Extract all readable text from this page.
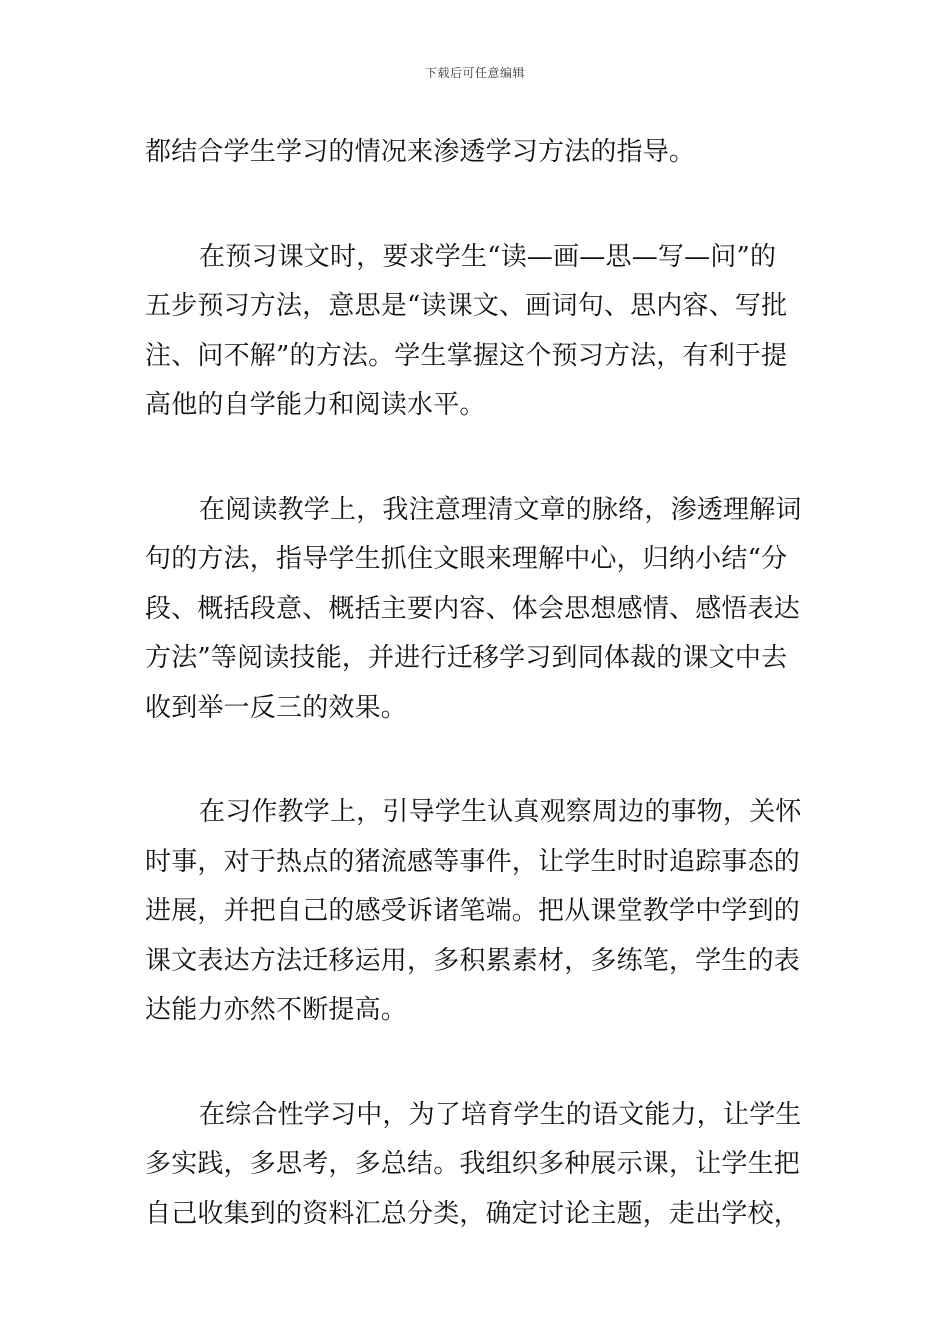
下载后可任意编辑
都结合学生学习的情况来渗透学习方法的指导。
在预习课文时，要求学生“读—画—思—写—问”的
五步预习方法，意思是“读课文、画词句、思内容、写批
注、问不解”的方法。学生掌握这个预习方法，有利于提
高他的自学能力和阅读水平。
在阅读教学上，我注意理清文章的脉络，渗透理解词
句的方法，指导学生抓住文眼来理解中心，归纳小结“分
段、概括段意、概括主要内容、体会思想感情、感悟表达
方法”等阅读技能，并进行迁移学习到同体裁的课文中去
收到举一反三的效果。
在习作教学上，引导学生认真观察周边的事物，关怀
时事，对于热点的猪流感等事件，让学生时时追踪事态的
进展，并把自己的感受诉诸笔端。把从课堂教学中学到的
课文表达方法迁移运用，多积累素材，多练笔，学生的表
达能力亦然不断提高。
在综合性学习中，为了培育学生的语文能力，让学生
多实践，多思考，多总结。我组织多种展示课，让学生把
自己收集到的资料汇总分类，确定讨论主题，走出学校，
